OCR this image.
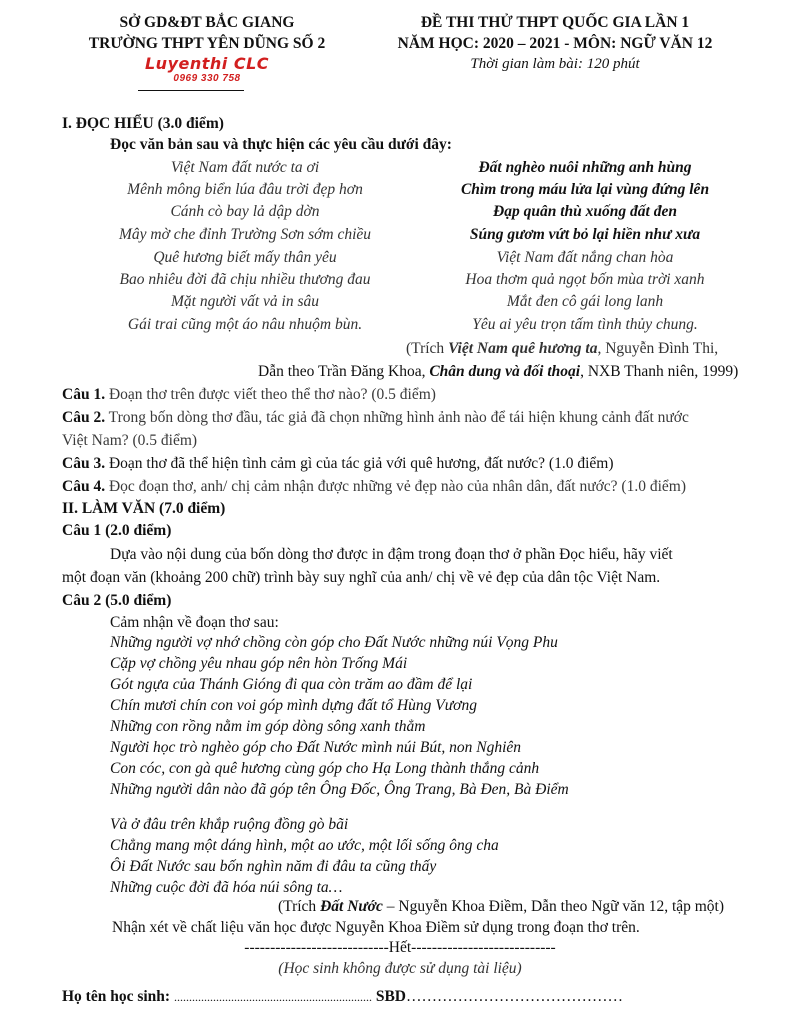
SỞ GD&ĐT BẮC GIANG
TRƯỜNG THPT YÊN DŨNG SỐ 2
Luyenthi CLC
0969 330 758
ĐỀ THI THỬ THPT QUỐC GIA LẦN 1
NĂM HỌC: 2020 – 2021 - MÔN: NGỮ VĂN 12
Thời gian làm bài: 120 phút
I. ĐỌC HIỂU (3.0 điểm)
Đọc văn bản sau và thực hiện các yêu cầu dưới đây:
Việt Nam đất nước ta ơi
Mênh mông biển lúa đâu trời đẹp hơn
Cánh cò bay lả dập dờn
Mây mờ che đỉnh Trường Sơn sớm chiều
Quê hương biết mấy thân yêu
Bao nhiêu đời đã chịu nhiều thương đau
Mặt người vất vả in sâu
Gái trai cũng một áo nâu nhuộm bùn.
Đất nghèo nuôi những anh hùng
Chìm trong máu lửa lại vùng đứng lên
Đạp quân thù xuống đất đen
Súng gươm vứt bỏ lại hiền như xưa
Việt Nam đất nắng chan hòa
Hoa thơm quả ngọt bốn mùa trời xanh
Mắt đen cô gái long lanh
Yêu ai yêu trọn tấm tình thủy chung.
(Trích Việt Nam quê hương ta, Nguyễn Đình Thi,
Dẫn theo Trần Đăng Khoa, Chân dung và đối thoại, NXB Thanh niên, 1999)
Câu 1. Đoạn thơ trên được viết theo thể thơ nào? (0.5 điểm)
Câu 2. Trong bốn dòng thơ đầu, tác giả đã chọn những hình ảnh nào để tái hiện khung cảnh đất nước
Việt Nam? (0.5 điểm)
Câu 3. Đoạn thơ đã thể hiện tình cảm gì của tác giả với quê hương, đất nước? (1.0 điểm)
Câu 4. Đọc đoạn thơ, anh/ chị cảm nhận được những vẻ đẹp nào của nhân dân, đất nước? (1.0 điểm)
II. LÀM VĂN (7.0 điểm)
Câu 1 (2.0 điểm)
Dựa vào nội dung của bốn dòng thơ được in đậm trong đoạn thơ ở phần Đọc hiểu, hãy viết
một đoạn văn (khoảng 200 chữ) trình bày suy nghĩ của anh/ chị về vẻ đẹp của dân tộc Việt Nam.
Câu 2 (5.0 điểm)
Cảm nhận về đoạn thơ sau:
Những người vợ nhớ chồng còn góp cho Đất Nước những núi Vọng Phu
Cặp vợ chồng yêu nhau góp nên hòn Trống Mái
Gót ngựa của Thánh Gióng đi qua còn trăm ao đầm để lại
Chín mươi chín con voi góp mình dựng đất tổ Hùng Vương
Những con rồng nằm im góp dòng sông xanh thẳm
Người học trò nghèo góp cho Đất Nước mình núi Bút, non Nghiên
Con cóc, con gà quê hương cùng góp cho Hạ Long thành thắng cảnh
Những người dân nào đã góp tên Ông Đốc, Ông Trang, Bà Đen, Bà Điểm
Và ở đâu trên khắp ruộng đồng gò bãi
Chẳng mang một dáng hình, một ao ước, một lối sống ông cha
Ôi Đất Nước sau bốn nghìn năm đi đâu ta cũng thấy
Những cuộc đời đã hóa núi sông ta…
(Trích Đất Nước – Nguyễn Khoa Điềm, Dẫn theo Ngữ văn 12, tập một)
Nhận xét về chất liệu văn học được Nguyễn Khoa Điềm sử dụng trong đoạn thơ trên.
----------------------------Hết----------------------------
(Học sinh không được sử dụng tài liệu)
Họ tên học sinh: .................................................................. SBD……………………………………
